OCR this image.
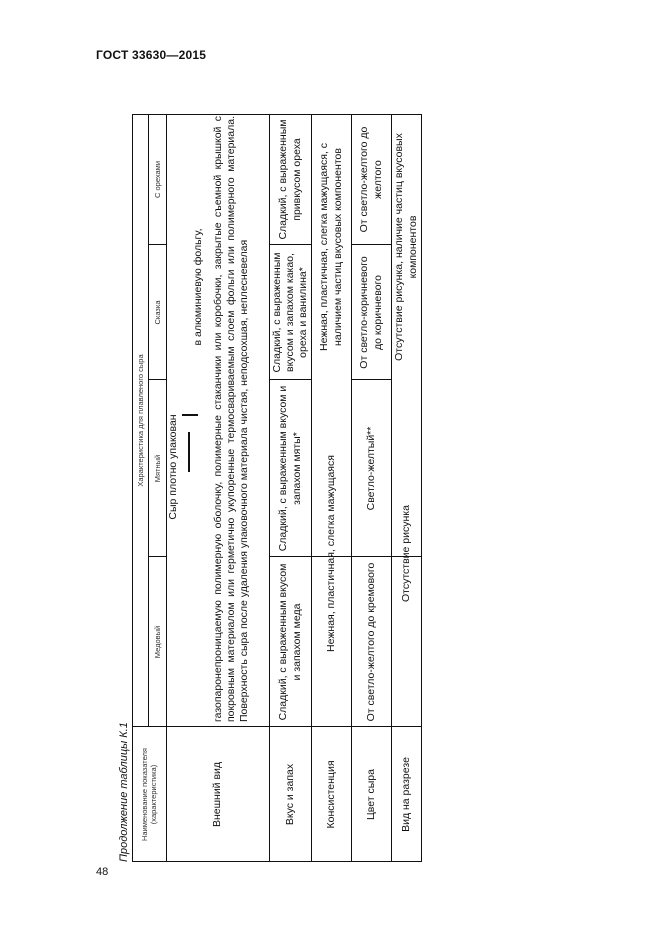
ГОСТ 33630—2015
48
Продолжение таблицы К.1	Наименование показателя (характеристика)
Характеристика для плавленого сыра
Медовый
Мятный
Сказка
С орехами
Внешний вид
Сыр плотно упакован
в алюминиевую фольгу, газопаронепроницаемую полимерную оболочку, полимерные стаканчики или коробочки, закрытые съемной крышкой с покровным материалом или герметично укупоренные термосвариваемым слоем фольги или полимерного материала. Поверхность сыра после удаления упаковочного материала чистая, неподсохшая, неплесневелая
Вкус и запах
Сладкий, с выраженным вкусом и запахом меда
Сладкий, с выраженным вкусом и запахом мяты*
Сладкий, с выраженным вкусом и запахом какао, ореха и ванилина*
Сладкий, с выраженным привкусом ореха
Консистенция
Нежная, пластичная, слегка мажущаяся
Нежная, пластичная, слегка мажущаяся, с наличием частиц вкусовых компонентов
Цвет сыра
От светло-желтого до кремового
Светло-желтый**
От светло-коричневого до коричневого
От светло-желтого до желтого
Вид на разрезе
Отсутствие рисунка
Отсутствие рисунка, наличие частиц вкусовых компонентов
